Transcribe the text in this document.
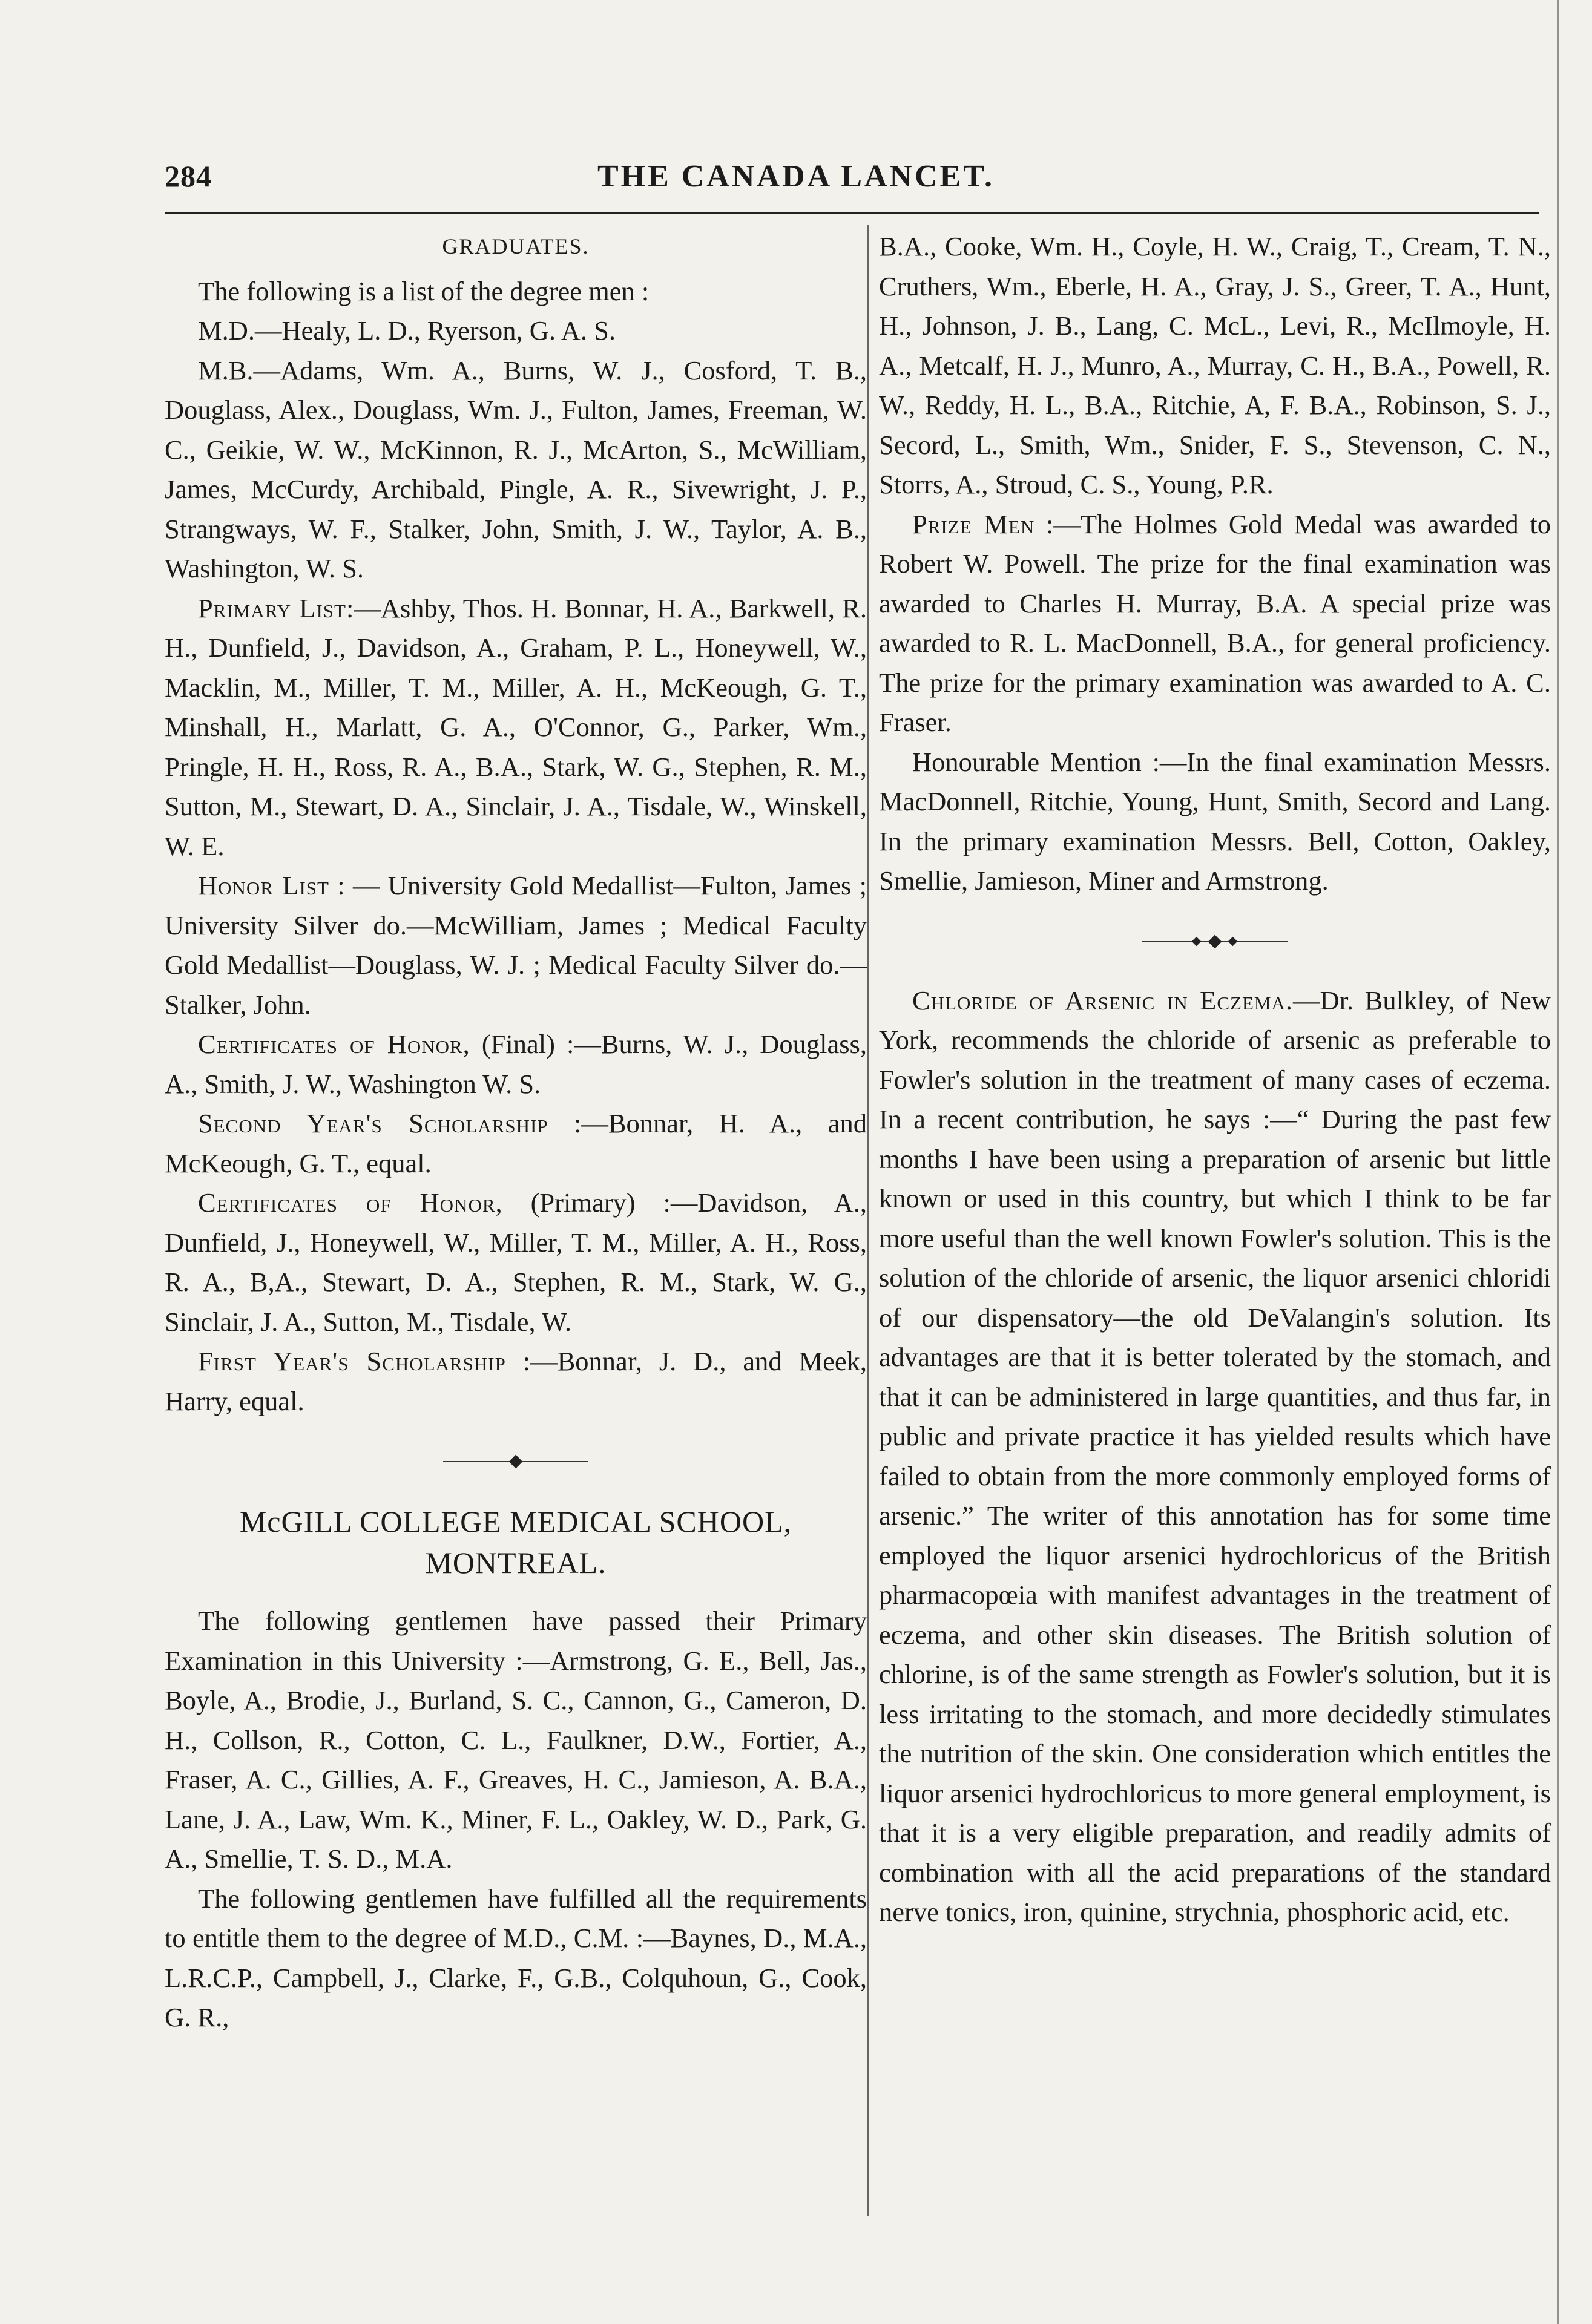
284	THE CANADA LANCET.

GRADUATES.

The following is a list of the degree men :

M.D.—Healy, L. D., Ryerson, G. A. S.

M.B.—Adams, Wm. A., Burns, W. J., Cosford, T. B., Douglass, Alex., Douglass, Wm. J., Fulton, James, Freeman, W. C., Geikie, W. W., McKinnon, R. J., McArton, S., McWilliam, James, McCurdy, Archibald, Pingle, A. R., Sivewright, J. P., Strangways, W. F., Stalker, John, Smith, J. W., Taylor, A. B., Washington, W. S.

Primary List:—Ashby, Thos. H. Bonnar, H. A., Barkwell, R. H., Dunfield, J., Davidson, A., Graham, P. L., Honeywell, W., Macklin, M., Miller, T. M., Miller, A. H., McKeough, G. T., Minshall, H., Marlatt, G. A., O'Connor, G., Parker, Wm., Pringle, H. H., Ross, R. A., B.A., Stark, W. G., Stephen, R. M., Sutton, M., Stewart, D. A., Sinclair, J. A., Tisdale, W., Winskell, W. E.

Honor List : — University Gold Medallist—Fulton, James ; University Silver do.—McWilliam, James ; Medical Faculty Gold Medallist—Douglass, W. J. ; Medical Faculty Silver do.—Stalker, John.

Certificates of Honor, (Final) :—Burns, W. J., Douglass, A., Smith, J. W., Washington W. S.

Second Year's Scholarship :—Bonnar, H. A., and McKeough, G. T., equal.

Certificates of Honor, (Primary) :—Davidson, A., Dunfield, J., Honeywell, W., Miller, T. M., Miller, A. H., Ross, R. A., B,A., Stewart, D. A., Stephen, R. M., Stark, W. G., Sinclair, J. A., Sutton, M., Tisdale, W.

First Year's Scholarship :—Bonnar, J. D., and Meek, Harry, equal.

McGILL COLLEGE MEDICAL SCHOOL, MONTREAL.

The following gentlemen have passed their Primary Examination in this University :—Armstrong, G. E., Bell, Jas., Boyle, A., Brodie, J., Burland, S. C., Cannon, G., Cameron, D. H., Collson, R., Cotton, C. L., Faulkner, D.W., Fortier, A., Fraser, A. C., Gillies, A. F., Greaves, H. C., Jamieson, A. B.A., Lane, J. A., Law, Wm. K., Miner, F. L., Oakley, W. D., Park, G. A., Smellie, T. S. D., M.A.

The following gentlemen have fulfilled all the requirements to entitle them to the degree of M.D., C.M. :—Baynes, D., M.A., L.R.C.P., Campbell, J., Clarke, F., G.B., Colquhoun, G., Cook, G. R.,

B.A., Cooke, Wm. H., Coyle, H. W., Craig, T., Cream, T. N., Cruthers, Wm., Eberle, H. A., Gray, J. S., Greer, T. A., Hunt, H., Johnson, J. B., Lang, C. McL., Levi, R., McIlmoyle, H. A., Metcalf, H. J., Munro, A., Murray, C. H., B.A., Powell, R. W., Reddy, H. L., B.A., Ritchie, A, F. B.A., Robinson, S. J., Secord, L., Smith, Wm., Snider, F. S., Stevenson, C. N., Storrs, A., Stroud, C. S., Young, P.R.

Prize Men :—The Holmes Gold Medal was awarded to Robert W. Powell. The prize for the final examination was awarded to Charles H. Murray, B.A. A special prize was awarded to R. L. MacDonnell, B.A., for general proficiency. The prize for the primary examination was awarded to A. C. Fraser.

Honourable Mention :—In the final examination Messrs. MacDonnell, Ritchie, Young, Hunt, Smith, Secord and Lang. In the primary examination Messrs. Bell, Cotton, Oakley, Smellie, Jamieson, Miner and Armstrong.

Chloride of Arsenic in Eczema.—Dr. Bulkley, of New York, recommends the chloride of arsenic as preferable to Fowler's solution in the treatment of many cases of eczema. In a recent contribution, he says :—“ During the past few months I have been using a preparation of arsenic but little known or used in this country, but which I think to be far more useful than the well known Fowler's solution. This is the solution of the chloride of arsenic, the liquor arsenici chloridi of our dispensatory—the old DeValangin's solution. Its advantages are that it is better tolerated by the stomach, and that it can be administered in large quantities, and thus far, in public and private practice it has yielded results which have failed to obtain from the more commonly employed forms of arsenic.” The writer of this annotation has for some time employed the liquor arsenici hydrochloricus of the British pharmacopœia with manifest advantages in the treatment of eczema, and other skin diseases. The British solution of chlorine, is of the same strength as Fowler's solution, but it is less irritating to the stomach, and more decidedly stimulates the nutrition of the skin. One consideration which entitles the liquor arsenici hydrochloricus to more general employment, is that it is a very eligible preparation, and readily admits of combination with all the acid preparations of the standard nerve tonics, iron, quinine, strychnia, phosphoric acid, etc.
